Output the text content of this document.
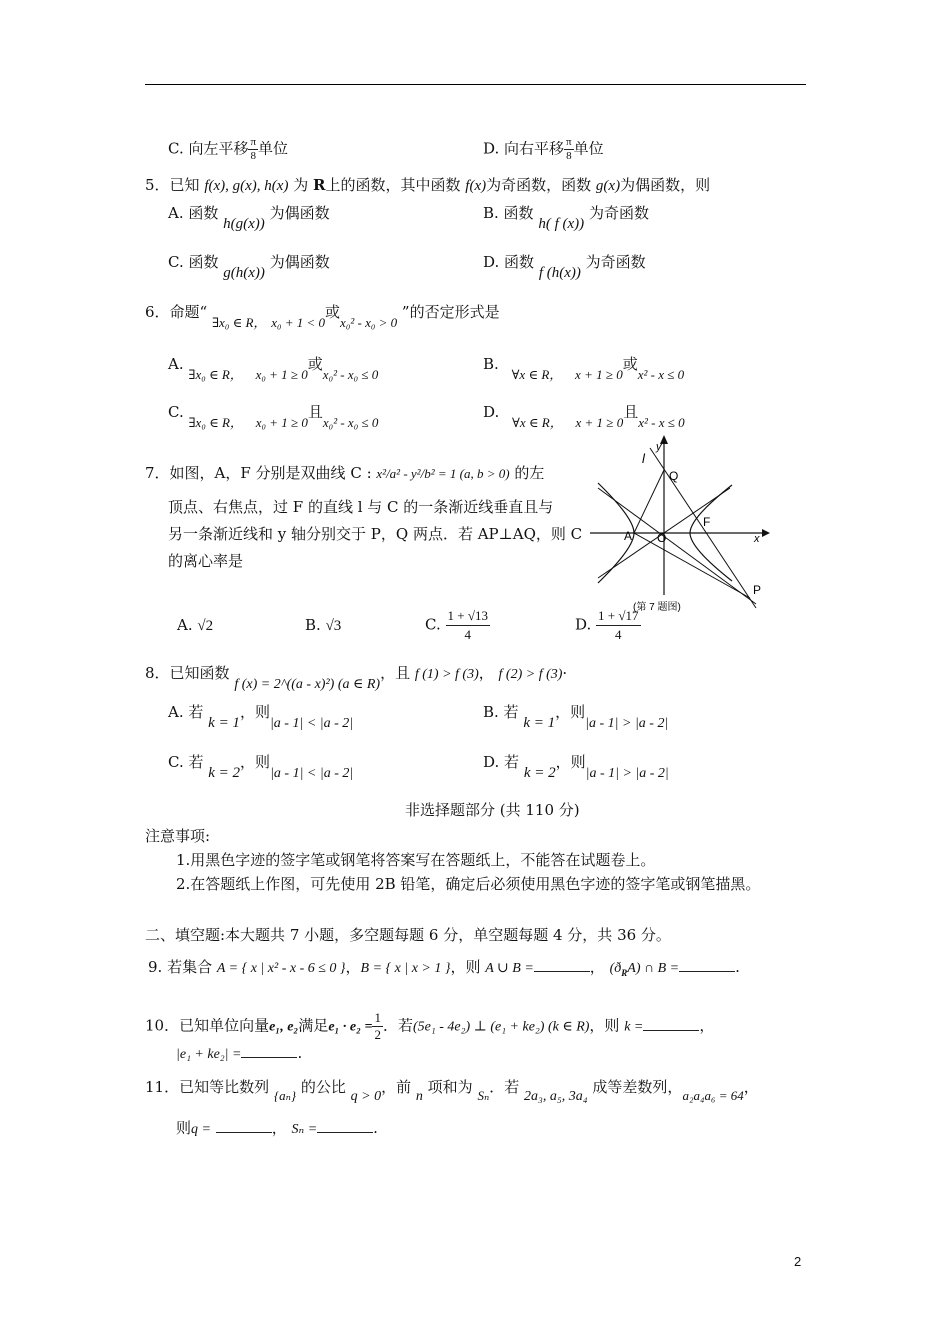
C. 向左平移 $\frac{\pi}{8}$ 单位	D. 向右平移 $\frac{\pi}{8}$ 单位
5．已知 f(x), g(x), h(x) 为 R上的函数，其中函数 f(x)为奇函数，函数 g(x)为偶函数，则
A. 函数 h(g(x)) 为偶函数	B. 函数 h( f (x)) 为奇函数
C. 函数 g(h(x)) 为偶函数	D. 函数 f (h(x)) 为奇函数
6．命题“ ∃x₀ ∈ R， x₀ + 1 < 0或x₀² - x₀ > 0 ”的否定形式是
A. ∃x₀ ∈ R， x₀ + 1 ≥ 0或x₀² - x₀ ≤ 0
B. ∀x ∈ R， x + 1 ≥ 0或x² - x ≤ 0
C. ∃x₀ ∈ R， x₀ + 1 ≥ 0且x₀² - x₀ ≤ 0
D. ∀x ∈ R， x + 1 ≥ 0且x² - x ≤ 0
7．如图，A，F 分别是双曲线 C : x²/a² - y²/b² = 1 (a, b > 0) 的左
顶点、右焦点，过 F 的直线 l 与 C 的一条渐近线垂直且与
另一条渐近线和 y 轴分别交于 P，Q 两点．若 AP⊥AQ，则 C
的离心率是
A. √2	B. √3	C. $\frac{1 + √13}{4}$	D. $\frac{1 + √17}{4}$
l
y
Q
F
A O	x
P
(第 7 题图)
8．已知函数 f (x) = 2^((a - x)²) (a ∈ R)，且 f (1) > f (3)， f (2) > f (3)·
A. 若 k = 1，则|a - 1| < |a - 2|
B. 若 k = 1，则|a - 1| > |a - 2|
C. 若 k = 2，则|a - 1| < |a - 2|
D. 若 k = 2，则|a - 1| > |a - 2|
非选择题部分 (共 110 分)
注意事项:
1.用黑色字迹的签字笔或钢笔将答案写在答题纸上，不能答在试题卷上。
2.在答题纸上作图，可先使用 2B 铅笔，确定后必须使用黑色字迹的签字笔或钢笔描黑。
二、填空题:本大题共 7 小题，多空题每题 6 分，单空题每题 4 分，共 36 分。
9. 若集合 A = { x | x² - x - 6 ≤ 0 }，B = { x | x > 1 }，则 A ∪ B =	， $(ð_RA)$ ∩ B =	.
10．已知单位向量e₁, e₂满足$e_1 \cdot e_2 = \frac{1}{2}$ ．若(5e₁ - 4e₂) ⊥ (e₁ + ke₂) (k ∈ R)，则 k =	，
|e₁ + ke₂| =	.
11．已知等比数列 {aₙ} 的公比 q > 0，前 n 项和为 Sₙ．若 2a₃, a₅, 3a₄ 成等差数列，a₂a₄a₆ = 64，
则q =	， Sₙ =	.
2
